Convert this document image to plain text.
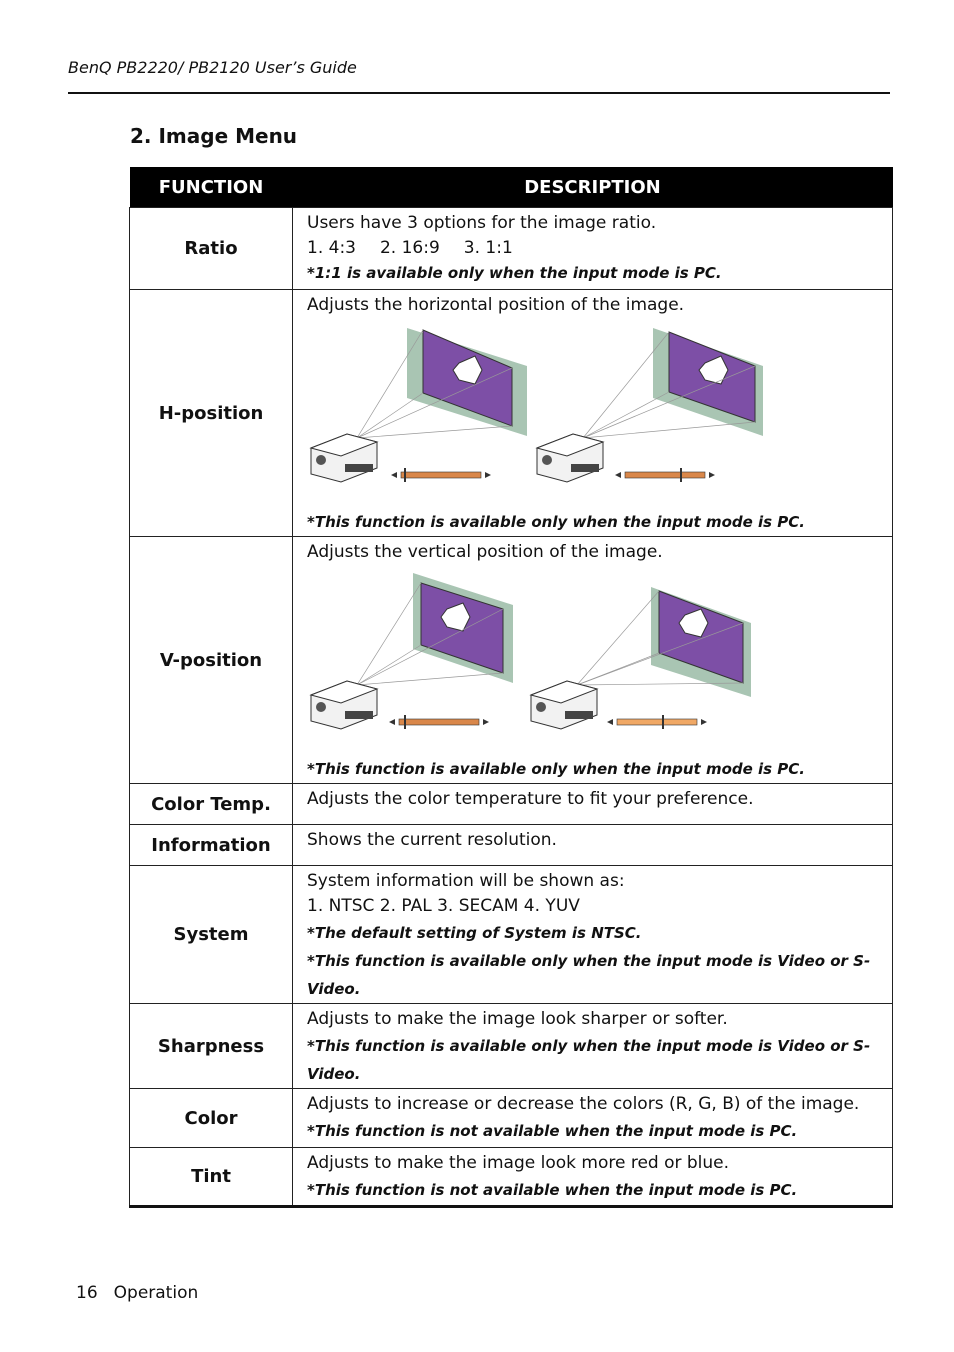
BenQ PB2220/ PB2120 User’s Guide
2. Image Menu
FUNCTION	DESCRIPTION
Ratio	Users have 3 options for the image ratio.
1. 4:3 2. 16:9 3. 1:1
*1:1 is available only when the input mode is PC.

H-position	Adjusts the horizontal position of the image.
*This function is available only when the input mode is PC.

V-position	Adjusts the vertical position of the image.
*This function is available only when the input mode is PC.

Color Temp.	Adjusts the color temperature to fit your preference.

Information	Shows the current resolution.

System	System information will be shown as:
1. NTSC 2. PAL 3. SECAM 4. YUV
*The default setting of System is NTSC.
*This function is available only when the input mode is Video or S-Video.

Sharpness	Adjusts to make the image look sharper or softer.
*This function is available only when the input mode is Video or S-Video.

Color	Adjusts to increase or decrease the colors (R, G, B) of the image.
*This function is not available when the input mode is PC.

Tint	Adjusts to make the image look more red or blue.
*This function is not available when the input mode is PC.
16 Operation
